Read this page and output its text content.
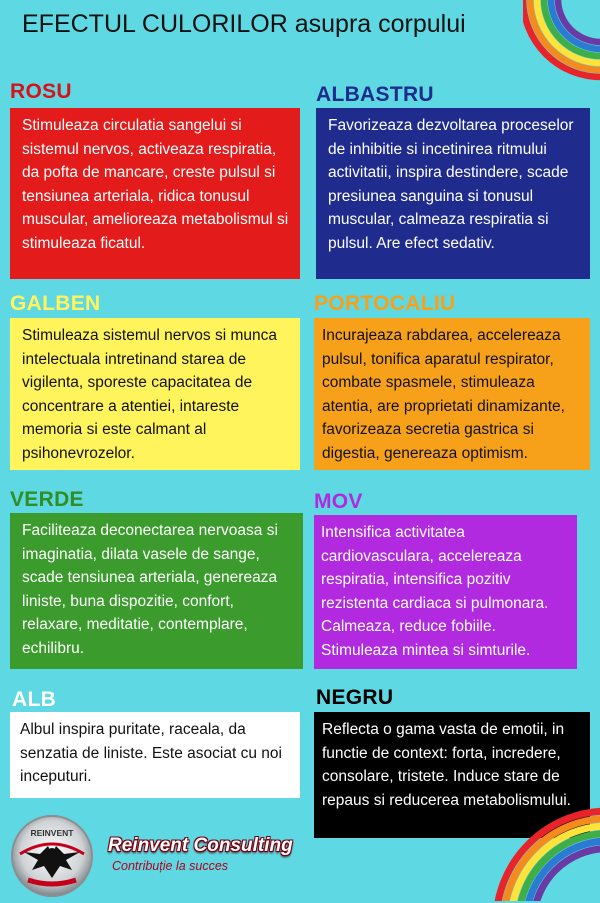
EFECTUL CULORILOR asupra corpului
ROSU
Stimuleaza circulatia sangelui si sistemul nervos, activeaza respiratia, da pofta de mancare, creste pulsul si tensiunea arteriala, ridica tonusul muscular, amelioreaza metabolismul si stimuleaza ficatul.
ALBASTRU
Favorizeaza dezvoltarea proceselor de inhibitie si incetinirea ritmului activitatii, inspira destindere, scade presiunea sanguina si tonusul muscular, calmeaza respiratia si pulsul. Are efect sedativ.
GALBEN
Stimuleaza sistemul nervos si munca intelectuala intretinand starea de vigilenta, sporeste capacitatea de concentrare a atentiei, intareste memoria si este calmant al psihonevrozelor.
PORTOCALIU
Incurajeaza rabdarea, accelereaza pulsul, tonifica aparatul respirator, combate spasmele, stimuleaza atentia, are proprietati dinamizante, favorizeaza secretia gastrica si digestia, genereaza optimism.
VERDE
Faciliteaza deconectarea nervoasa si imaginatia, dilata vasele de sange, scade tensiunea arteriala, genereaza liniste, buna dispozitie, confort, relaxare, meditatie, contemplare, echilibru.
MOV
Intensifica activitatea cardiovasculara, accelereaza respiratia, intensifica pozitiv rezistenta cardiaca si pulmonara. Calmeaza, reduce fobiile. Stimuleaza mintea si simturile.
ALB
Albul inspira puritate, raceala, da senzatia de liniste. Este asociat cu noi inceputuri.
NEGRU
Reflecta o gama vasta de emotii, in functie de context: forta, incredere, consolare, tristete. Induce stare de repaus si reducerea metabolismului.
REINVENT
Reinvent Consulting
Contribuție la succes
